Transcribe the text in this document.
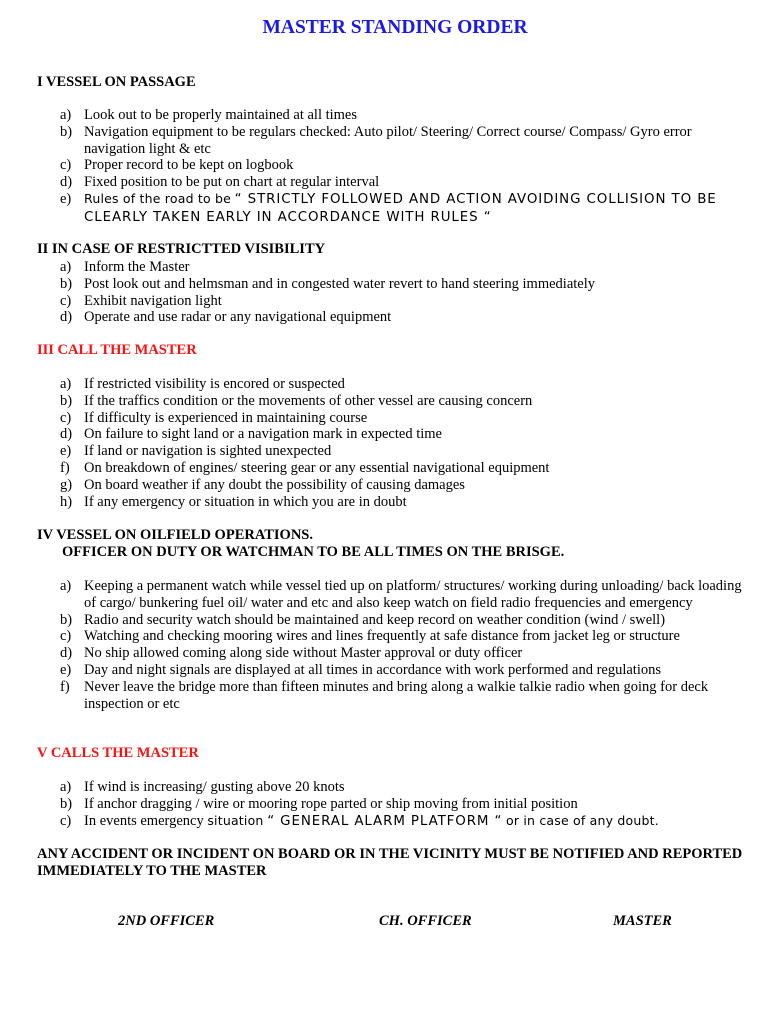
MASTER STANDING ORDER

I VESSEL ON PASSAGE

a) Look out to be properly maintained at all times
b) Navigation equipment to be regulars checked: Auto pilot/ Steering/ Correct course/ Compass/ Gyro error navigation light & etc
c) Proper record to be kept on logbook
d) Fixed position to be put on chart at regular interval
e) Rules of the road to be “ STRICTLY FOLLOWED AND ACTION AVOIDING COLLISION TO BE CLEARLY TAKEN EARLY IN ACCORDANCE WITH RULES “

II IN CASE OF RESTRICTTED VISIBILITY

a) Inform the Master
b) Post look out and helmsman and in congested water revert to hand steering immediately
c) Exhibit navigation light
d) Operate and use radar or any navigational equipment

III CALL THE MASTER

a) If restricted visibility is encored or suspected
b) If the traffics condition or the movements of other vessel are causing concern
c) If difficulty is experienced in maintaining course
d) On failure to sight land or a navigation mark in expected time
e) If land or navigation is sighted unexpected
f) On breakdown of engines/ steering gear or any essential navigational equipment
g) On board weather if any doubt the possibility of causing damages
h) If any emergency or situation in which you are in doubt

IV VESSEL ON OILFIELD OPERATIONS.

OFFICER ON DUTY OR WATCHMAN TO BE ALL TIMES ON THE BRISGE.

a) Keeping a permanent watch while vessel tied up on platform/ structures/ working during unloading/ back loading of cargo/ bunkering fuel oil/ water and etc and also keep watch on field radio frequencies and emergency
b) Radio and security watch should be maintained and keep record on weather condition (wind / swell)
c) Watching and checking mooring wires and lines frequently at safe distance from jacket leg or structure
d) No ship allowed coming along side without Master approval or duty officer
e) Day and night signals are displayed at all times in accordance with work performed and regulations
f) Never leave the bridge more than fifteen minutes and bring along a walkie talkie radio when going for deck inspection or etc

V CALLS THE MASTER

a) If wind is increasing/ gusting above 20 knots
b) If anchor dragging / wire or mooring rope parted or ship moving from initial position
c) In events emergency situation “ GENERAL ALARM PLATFORM “ or in case of any doubt.

ANY ACCIDENT OR INCIDENT ON BOARD OR IN THE VICINITY MUST BE NOTIFIED AND REPORTED IMMEDIATELY TO THE MASTER

2ND OFFICER	CH. OFFICER	MASTER
